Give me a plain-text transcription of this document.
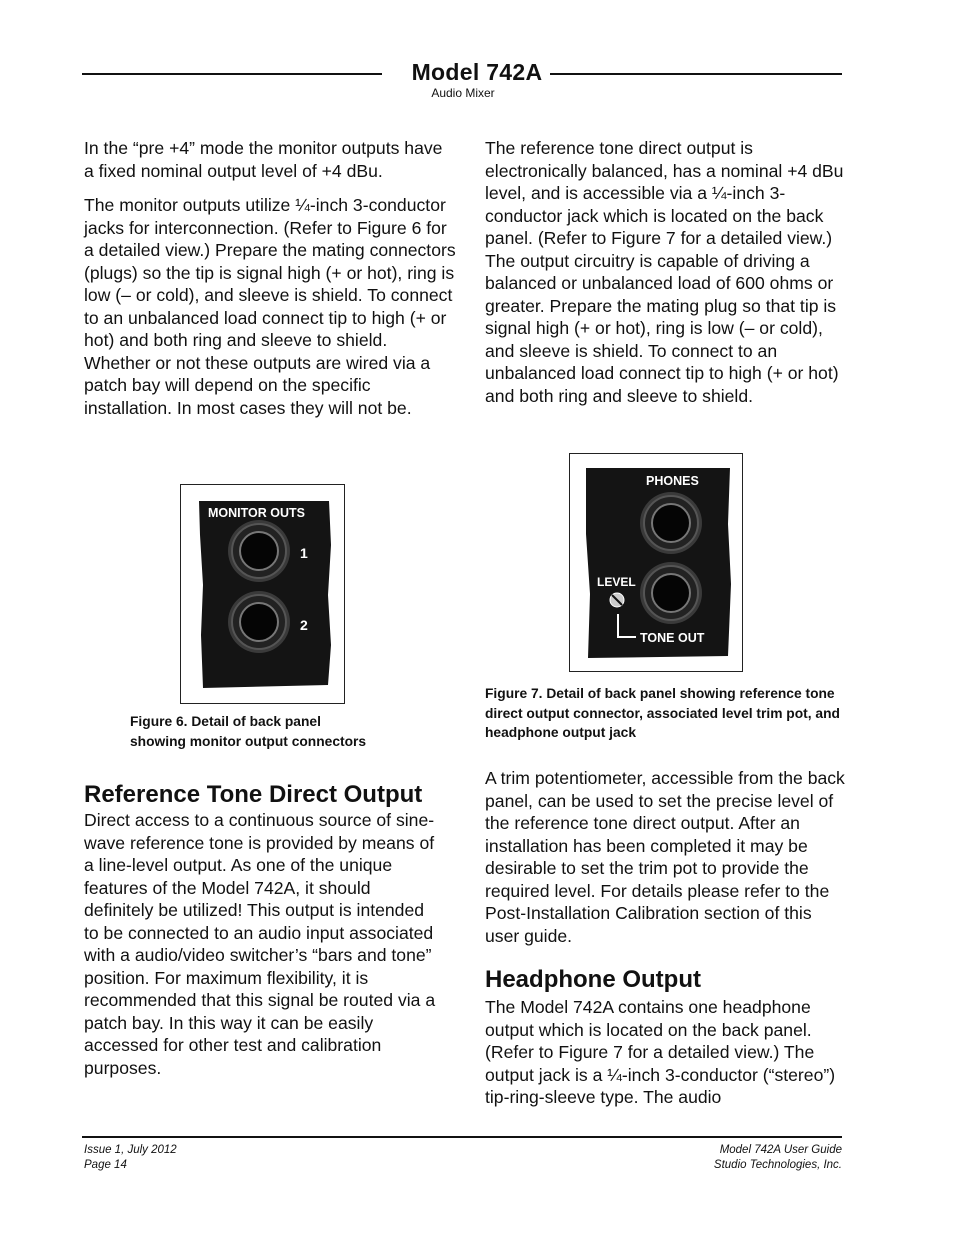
Model 742A
Audio Mixer

In the “pre +4” mode the monitor outputs have a fixed nominal output level of +4 dBu.

The monitor outputs utilize ¼-inch 3-conductor jacks for interconnection. (Refer to Figure 6 for a detailed view.) Prepare the mating connectors (plugs) so the tip is signal high (+ or hot), ring is low (– or cold), and sleeve is shield. To connect to an unbalanced load connect tip to high (+ or hot) and both ring and sleeve to shield. Whether or not these outputs are wired via a patch bay will depend on the specific installation. In most cases they will not be.

MONITOR OUTS
1
2
Figure 6. Detail of back panel
showing monitor output connectors
Reference Tone Direct Output

Direct access to a continuous source of sine-wave reference tone is provided by means of a line-level output. As one of the unique features of the Model 742A, it should definitely be utilized! This output is intended to be connected to an audio input associated with a audio/video switcher’s “bars and tone” position. For maximum flexibility, it is recommended that this signal be routed via a patch bay. In this way it can be easily accessed for other test and calibration purposes.

The reference tone direct output is electronically balanced, has a nominal +4 dBu level, and is accessible via a ¼-inch 3-conductor jack which is located on the back panel. (Refer to Figure 7 for a detailed view.) The output circuitry is capable of driving a balanced or unbalanced load of 600 ohms or greater. Prepare the mating plug so that tip is signal high (+ or hot), ring is low (– or cold), and sleeve is shield. To connect to an unbalanced load connect tip to high (+ or hot) and both ring and sleeve to shield.

PHONES
LEVEL
TONE OUT
Figure 7. Detail of back panel showing reference tone direct output connector, associated level trim pot, and headphone output jack

A trim potentiometer, accessible from the back panel, can be used to set the precise level of the reference tone direct output. After an installation has been completed it may be desirable to set the trim pot to provide the required level. For details please refer to the Post-Installation Calibration section of this user guide.

Headphone Output

The Model 742A contains one headphone output which is located on the back panel. (Refer to Figure 7 for a detailed view.) The output jack is a ¼-inch 3-conductor (“stereo”) tip-ring-sleeve type. The audio

Issue 1, July 2012
Page 14
Model 742A User Guide
Studio Technologies, Inc.
